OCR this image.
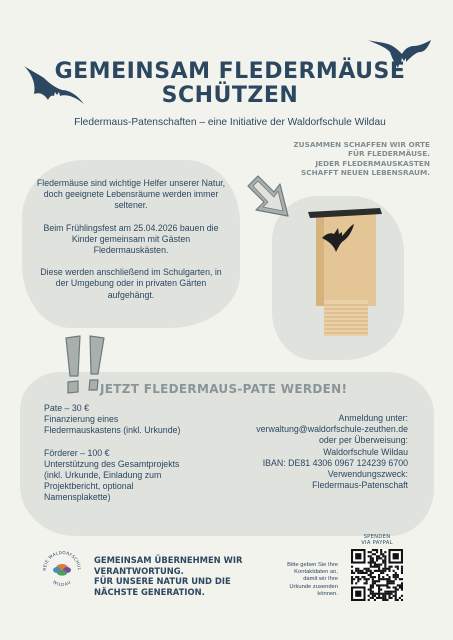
GEMEINSAM FLEDERMÄUSE
SCHÜTZEN
Fledermaus-Patenschaften – eine Initiative der Waldorfschule Wildau
ZUSAMMEN SCHAFFEN WIR ORTE
FÜR FLEDERMÄUSE.
JEDER FLEDERMAUSKASTEN
SCHAFFT NEUEN LEBENSRAUM.

Fledermäuse sind wichtige Helfer unserer Natur, doch geeignete Lebensräume werden immer seltener.

Beim Frühlingsfest am 25.04.2026 bauen die Kinder gemeinsam mit Gästen Fledermauskästen.

Diese werden anschließend im Schulgarten, in der Umgebung oder in privaten Gärten aufgehängt.

JETZT FLEDERMAUS-PATE WERDEN!

Pate – 30 €
Finanzierung eines
Fledermauskastens (inkl. Urkunde)

Förderer – 100 €
Unterstützung des Gesamtprojekts
(inkl. Urkunde, Einladung zum
Projektbericht, optional
Namensplakette)

Anmeldung unter:
verwaltung@waldorfschule-zeuthen.de
oder per Überweisung:
Waldorfschule Wildau
IBAN: DE81 4306 0967 124239 6700
Verwendungszweck:
Fledermaus-Patenschaft
REIE WALDORFSCHUL
WILDAU
GEMEINSAM ÜBERNEHMEN WIR
VERANTWORTUNG.
FÜR UNSERE NATUR UND DIE
NÄCHSTE GENERATION.
Bitte geben Sie Ihre
Kontaktdaten an,
damit wir Ihre
Urkunde zusenden
können.
SPENDEN
VIA PAYPAL
